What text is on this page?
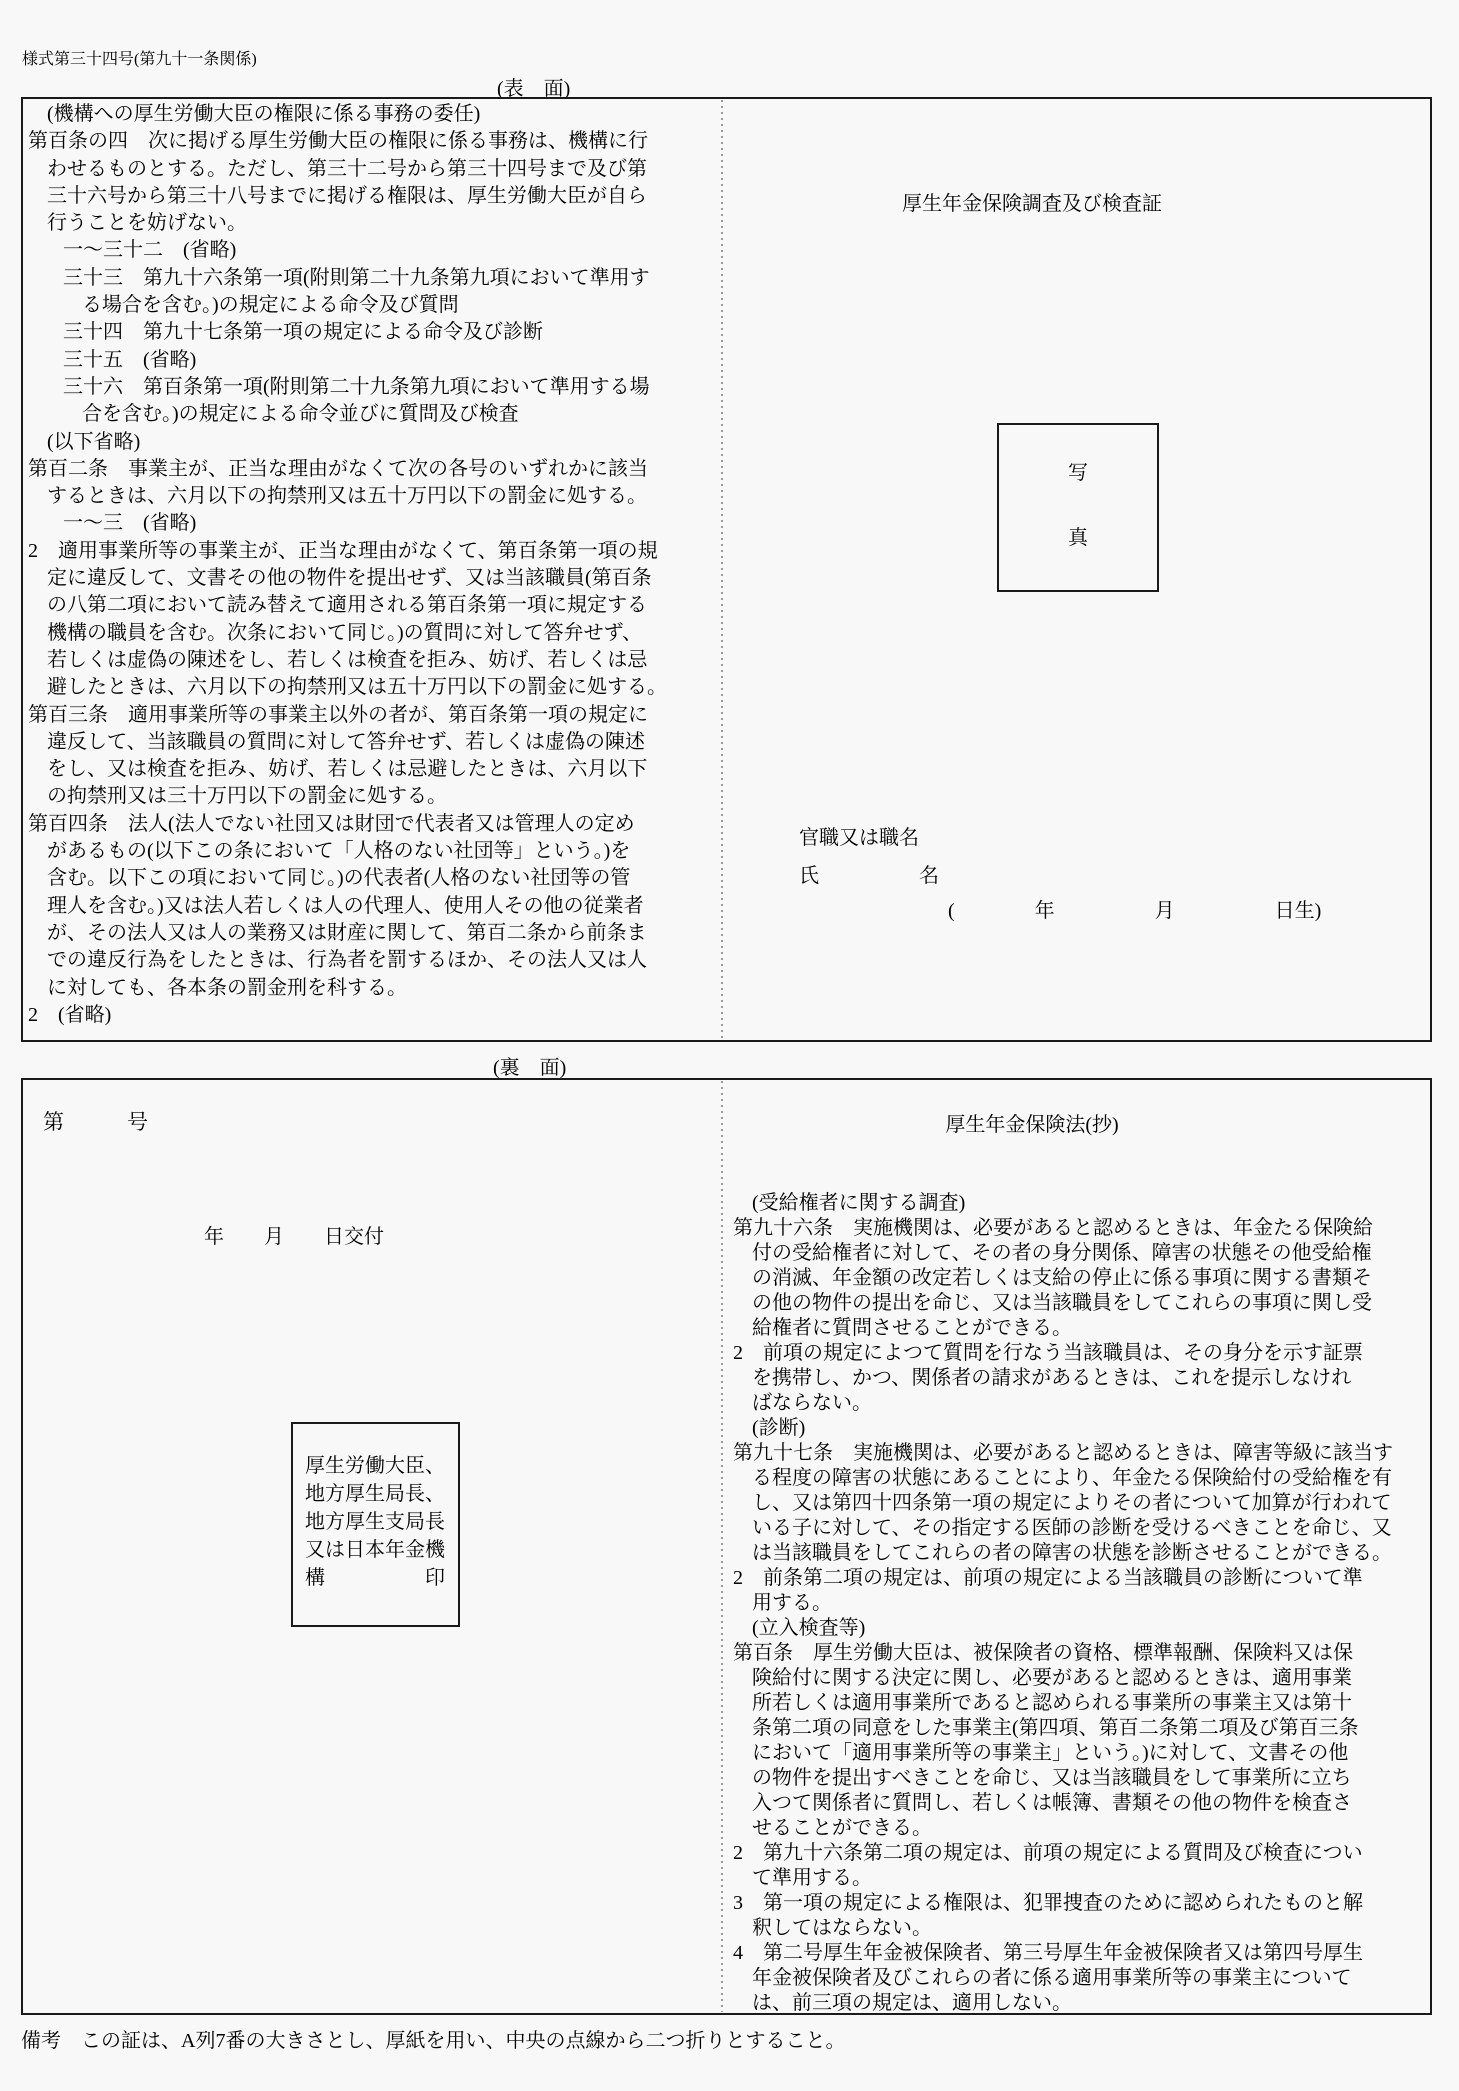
様式第三十四号(第九十一条関係)
(表　面)
(機構への厚生労働大臣の権限に係る事務の委任)
第百条の四　次に掲げる厚生労働大臣の権限に係る事務は、機構に行
わせるものとする。ただし、第三十二号から第三十四号まで及び第
三十六号から第三十八号までに掲げる権限は、厚生労働大臣が自ら
行うことを妨げない。
一～三十二　(省略)
三十三　第九十六条第一項(附則第二十九条第九項において準用す
る場合を含む。)の規定による命令及び質問
三十四　第九十七条第一項の規定による命令及び診断
三十五　(省略)
三十六　第百条第一項(附則第二十九条第九項において準用する場
合を含む。)の規定による命令並びに質問及び検査
(以下省略)
第百二条　事業主が、正当な理由がなくて次の各号のいずれかに該当
するときは、六月以下の拘禁刑又は五十万円以下の罰金に処する。
一～三　(省略)
2　適用事業所等の事業主が、正当な理由がなくて、第百条第一項の規
定に違反して、文書その他の物件を提出せず、又は当該職員(第百条
の八第二項において読み替えて適用される第百条第一項に規定する
機構の職員を含む。次条において同じ。)の質問に対して答弁せず、
若しくは虚偽の陳述をし、若しくは検査を拒み、妨げ、若しくは忌
避したときは、六月以下の拘禁刑又は五十万円以下の罰金に処する。
第百三条　適用事業所等の事業主以外の者が、第百条第一項の規定に
違反して、当該職員の質問に対して答弁せず、若しくは虚偽の陳述
をし、又は検査を拒み、妨げ、若しくは忌避したときは、六月以下
の拘禁刑又は三十万円以下の罰金に処する。
第百四条　法人(法人でない社団又は財団で代表者又は管理人の定め
があるもの(以下この条において「人格のない社団等」という。)を
含む。以下この項において同じ。)の代表者(人格のない社団等の管
理人を含む。)又は法人若しくは人の代理人、使用人その他の従業者
が、その法人又は人の業務又は財産に関して、第百二条から前条ま
での違反行為をしたときは、行為者を罰するほか、その法人又は人
に対しても、各本条の罰金刑を科する。
2　(省略)
厚生年金保険調査及び検査証
写
真
官職又は職名
氏　　　　　名
(　　　　年　　　　　月　　　　　日生)
(裏　面)
第　　　号
年　　月　　日交付
厚生労働大臣、
地方厚生局長、
地方厚生支局長
又は日本年金機
構　　　　　印
厚生年金保険法(抄)
(受給権者に関する調査)
第九十六条　実施機関は、必要があると認めるときは、年金たる保険給
付の受給権者に対して、その者の身分関係、障害の状態その他受給権
の消滅、年金額の改定若しくは支給の停止に係る事項に関する書類そ
の他の物件の提出を命じ、又は当該職員をしてこれらの事項に関し受
給権者に質問させることができる。
2　前項の規定によつて質問を行なう当該職員は、その身分を示す証票
を携帯し、かつ、関係者の請求があるときは、これを提示しなけれ
ばならない。
(診断)
第九十七条　実施機関は、必要があると認めるときは、障害等級に該当す
る程度の障害の状態にあることにより、年金たる保険給付の受給権を有
し、又は第四十四条第一項の規定によりその者について加算が行われて
いる子に対して、その指定する医師の診断を受けるべきことを命じ、又
は当該職員をしてこれらの者の障害の状態を診断させることができる。
2　前条第二項の規定は、前項の規定による当該職員の診断について準
用する。
(立入検査等)
第百条　厚生労働大臣は、被保険者の資格、標準報酬、保険料又は保
険給付に関する決定に関し、必要があると認めるときは、適用事業
所若しくは適用事業所であると認められる事業所の事業主又は第十
条第二項の同意をした事業主(第四項、第百二条第二項及び第百三条
において「適用事業所等の事業主」という。)に対して、文書その他
の物件を提出すべきことを命じ、又は当該職員をして事業所に立ち
入つて関係者に質問し、若しくは帳簿、書類その他の物件を検査さ
せることができる。
2　第九十六条第二項の規定は、前項の規定による質問及び検査につい
て準用する。
3　第一項の規定による権限は、犯罪捜査のために認められたものと解
釈してはならない。
4　第二号厚生年金被保険者、第三号厚生年金被保険者又は第四号厚生
年金被保険者及びこれらの者に係る適用事業所等の事業主について
は、前三項の規定は、適用しない。
備考　この証は、A列7番の大きさとし、厚紙を用い、中央の点線から二つ折りとすること。
